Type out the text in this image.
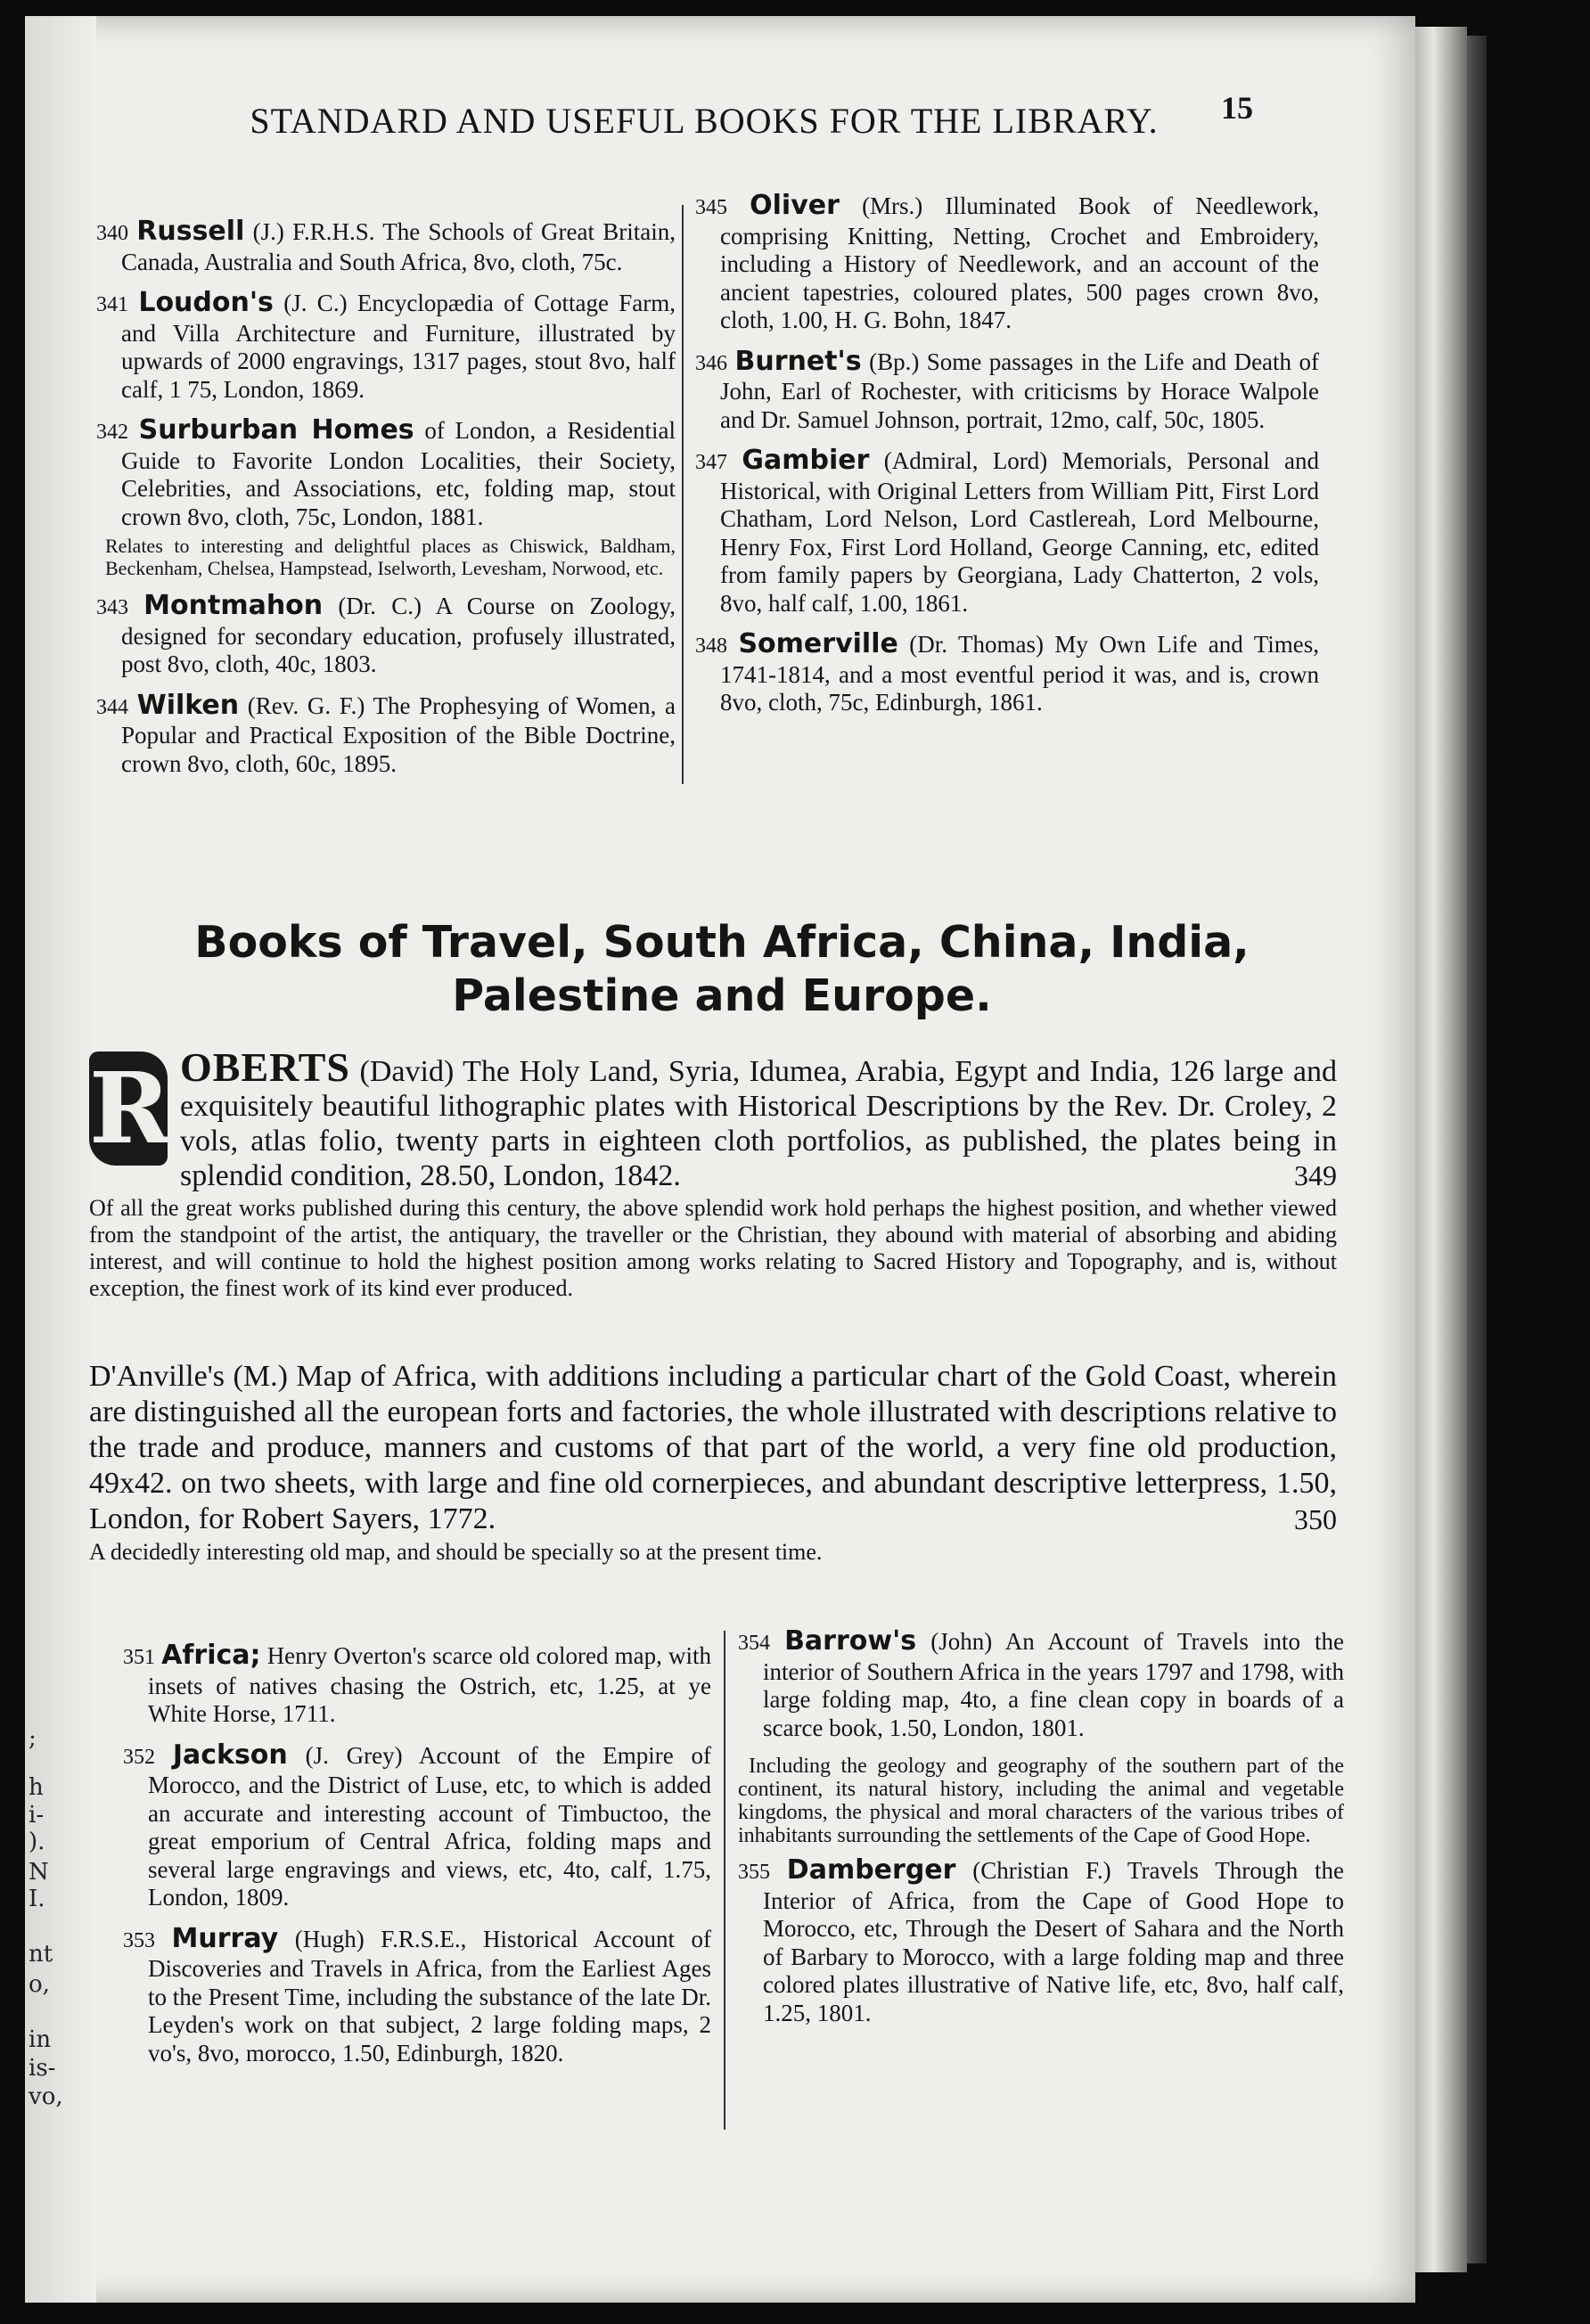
;
h
i-
).
N
I.
nt
o,
in
is-
vo,
STANDARD AND USEFUL BOOKS FOR THE LIBRARY.	15

340 Russell (J.) F.R.H.S. The Schools of Great Britain, Canada, Australia and South Africa, 8vo, cloth, 75c.

341 Loudon's (J. C.) Encyclopædia of Cottage Farm, and Villa Architecture and Furniture, illustrated by upwards of 2000 engravings, 1317 pages, stout 8vo, half calf, 1 75, London, 1869.

342 Surburban Homes of London, a Residential Guide to Favorite London Localities, their Society, Celebrities, and Associations, etc, folding map, stout crown 8vo, cloth, 75c, London, 1881.
Relates to interesting and delightful places as Chiswick, Baldham, Beckenham, Chelsea, Hampstead, Iselworth, Levesham, Norwood, etc.

343 Montmahon (Dr. C.) A Course on Zoology, designed for secondary education, profusely illustrated, post 8vo, cloth, 40c, 1803.

344 Wilken (Rev. G. F.) The Prophesying of Women, a Popular and Practical Exposition of the Bible Doctrine, crown 8vo, cloth, 60c, 1895.

345 Oliver (Mrs.) Illuminated Book of Needlework, comprising Knitting, Netting, Crochet and Embroidery, including a History of Needlework, and an account of the ancient tapestries, coloured plates, 500 pages crown 8vo, cloth, 1.00, H. G. Bohn, 1847.

346 Burnet's (Bp.) Some passages in the Life and Death of John, Earl of Rochester, with criticisms by Horace Walpole and Dr. Samuel Johnson, portrait, 12mo, calf, 50c, 1805.

347 Gambier (Admiral, Lord) Memorials, Personal and Historical, with Original Letters from William Pitt, First Lord Chatham, Lord Nelson, Lord Castlereah, Lord Melbourne, Henry Fox, First Lord Holland, George Canning, etc, edited from family papers by Georgiana, Lady Chatterton, 2 vols, 8vo, half calf, 1.00, 1861.

348 Somerville (Dr. Thomas) My Own Life and Times, 1741-1814, and a most eventful period it was, and is, crown 8vo, cloth, 75c, Edinburgh, 1861.

Books of Travel, South Africa, China, India, Palestine and Europe.
R OBERTS (David) The Holy Land, Syria, Idumea, Arabia, Egypt and India, 126 large and exquisitely beautiful lithographic plates with Historical Descriptions by the Rev. Dr. Croley, 2 vols, atlas folio, twenty parts in eighteen cloth portfolios, as published, the plates being in splendid condition, 28.50, London, 1842.	349
Of all the great works published during this century, the above splendid work hold perhaps the highest position, and whether viewed from the standpoint of the artist, the antiquary, the traveller or the Christian, they abound with material of absorbing and abiding interest, and will continue to hold the highest position among works relating to Sacred History and Topography, and is, without exception, the finest work of its kind ever produced.
D'Anville's (M.) Map of Africa, with additions including a particular chart of the Gold Coast, wherein are distinguished all the european forts and factories, the whole illustrated with descriptions relative to the trade and produce, manners and customs of that part of the world, a very fine old production, 49x42. on two sheets, with large and fine old cornerpieces, and abundant descriptive letterpress, 1.50, London, for Robert Sayers, 1772.	350
A decidedly interesting old map, and should be specially so at the present time.

351 Africa; Henry Overton's scarce old colored map, with insets of natives chasing the Ostrich, etc, 1.25, at ye White Horse, 1711.

352 Jackson (J. Grey) Account of the Empire of Morocco, and the District of Luse, etc, to which is added an accurate and interesting account of Timbuctoo, the great emporium of Central Africa, folding maps and several large engravings and views, etc, 4to, calf, 1.75, London, 1809.

353 Murray (Hugh) F.R.S.E., Historical Account of Discoveries and Travels in Africa, from the Earliest Ages to the Present Time, including the substance of the late Dr. Leyden's work on that subject, 2 large folding maps, 2 vo's, 8vo, morocco, 1.50, Edinburgh, 1820.

354 Barrow's (John) An Account of Travels into the interior of Southern Africa in the years 1797 and 1798, with large folding map, 4to, a fine clean copy in boards of a scarce book, 1.50, London, 1801.

Including the geology and geography of the southern part of the continent, its natural history, including the animal and vegetable kingdoms, the physical and moral characters of the various tribes of inhabitants surrounding the settlements of the Cape of Good Hope.

355 Damberger (Christian F.) Travels Through the Interior of Africa, from the Cape of Good Hope to Morocco, etc, Through the Desert of Sahara and the North of Barbary to Morocco, with a large folding map and three colored plates illustrative of Native life, etc, 8vo, half calf, 1.25, 1801.
